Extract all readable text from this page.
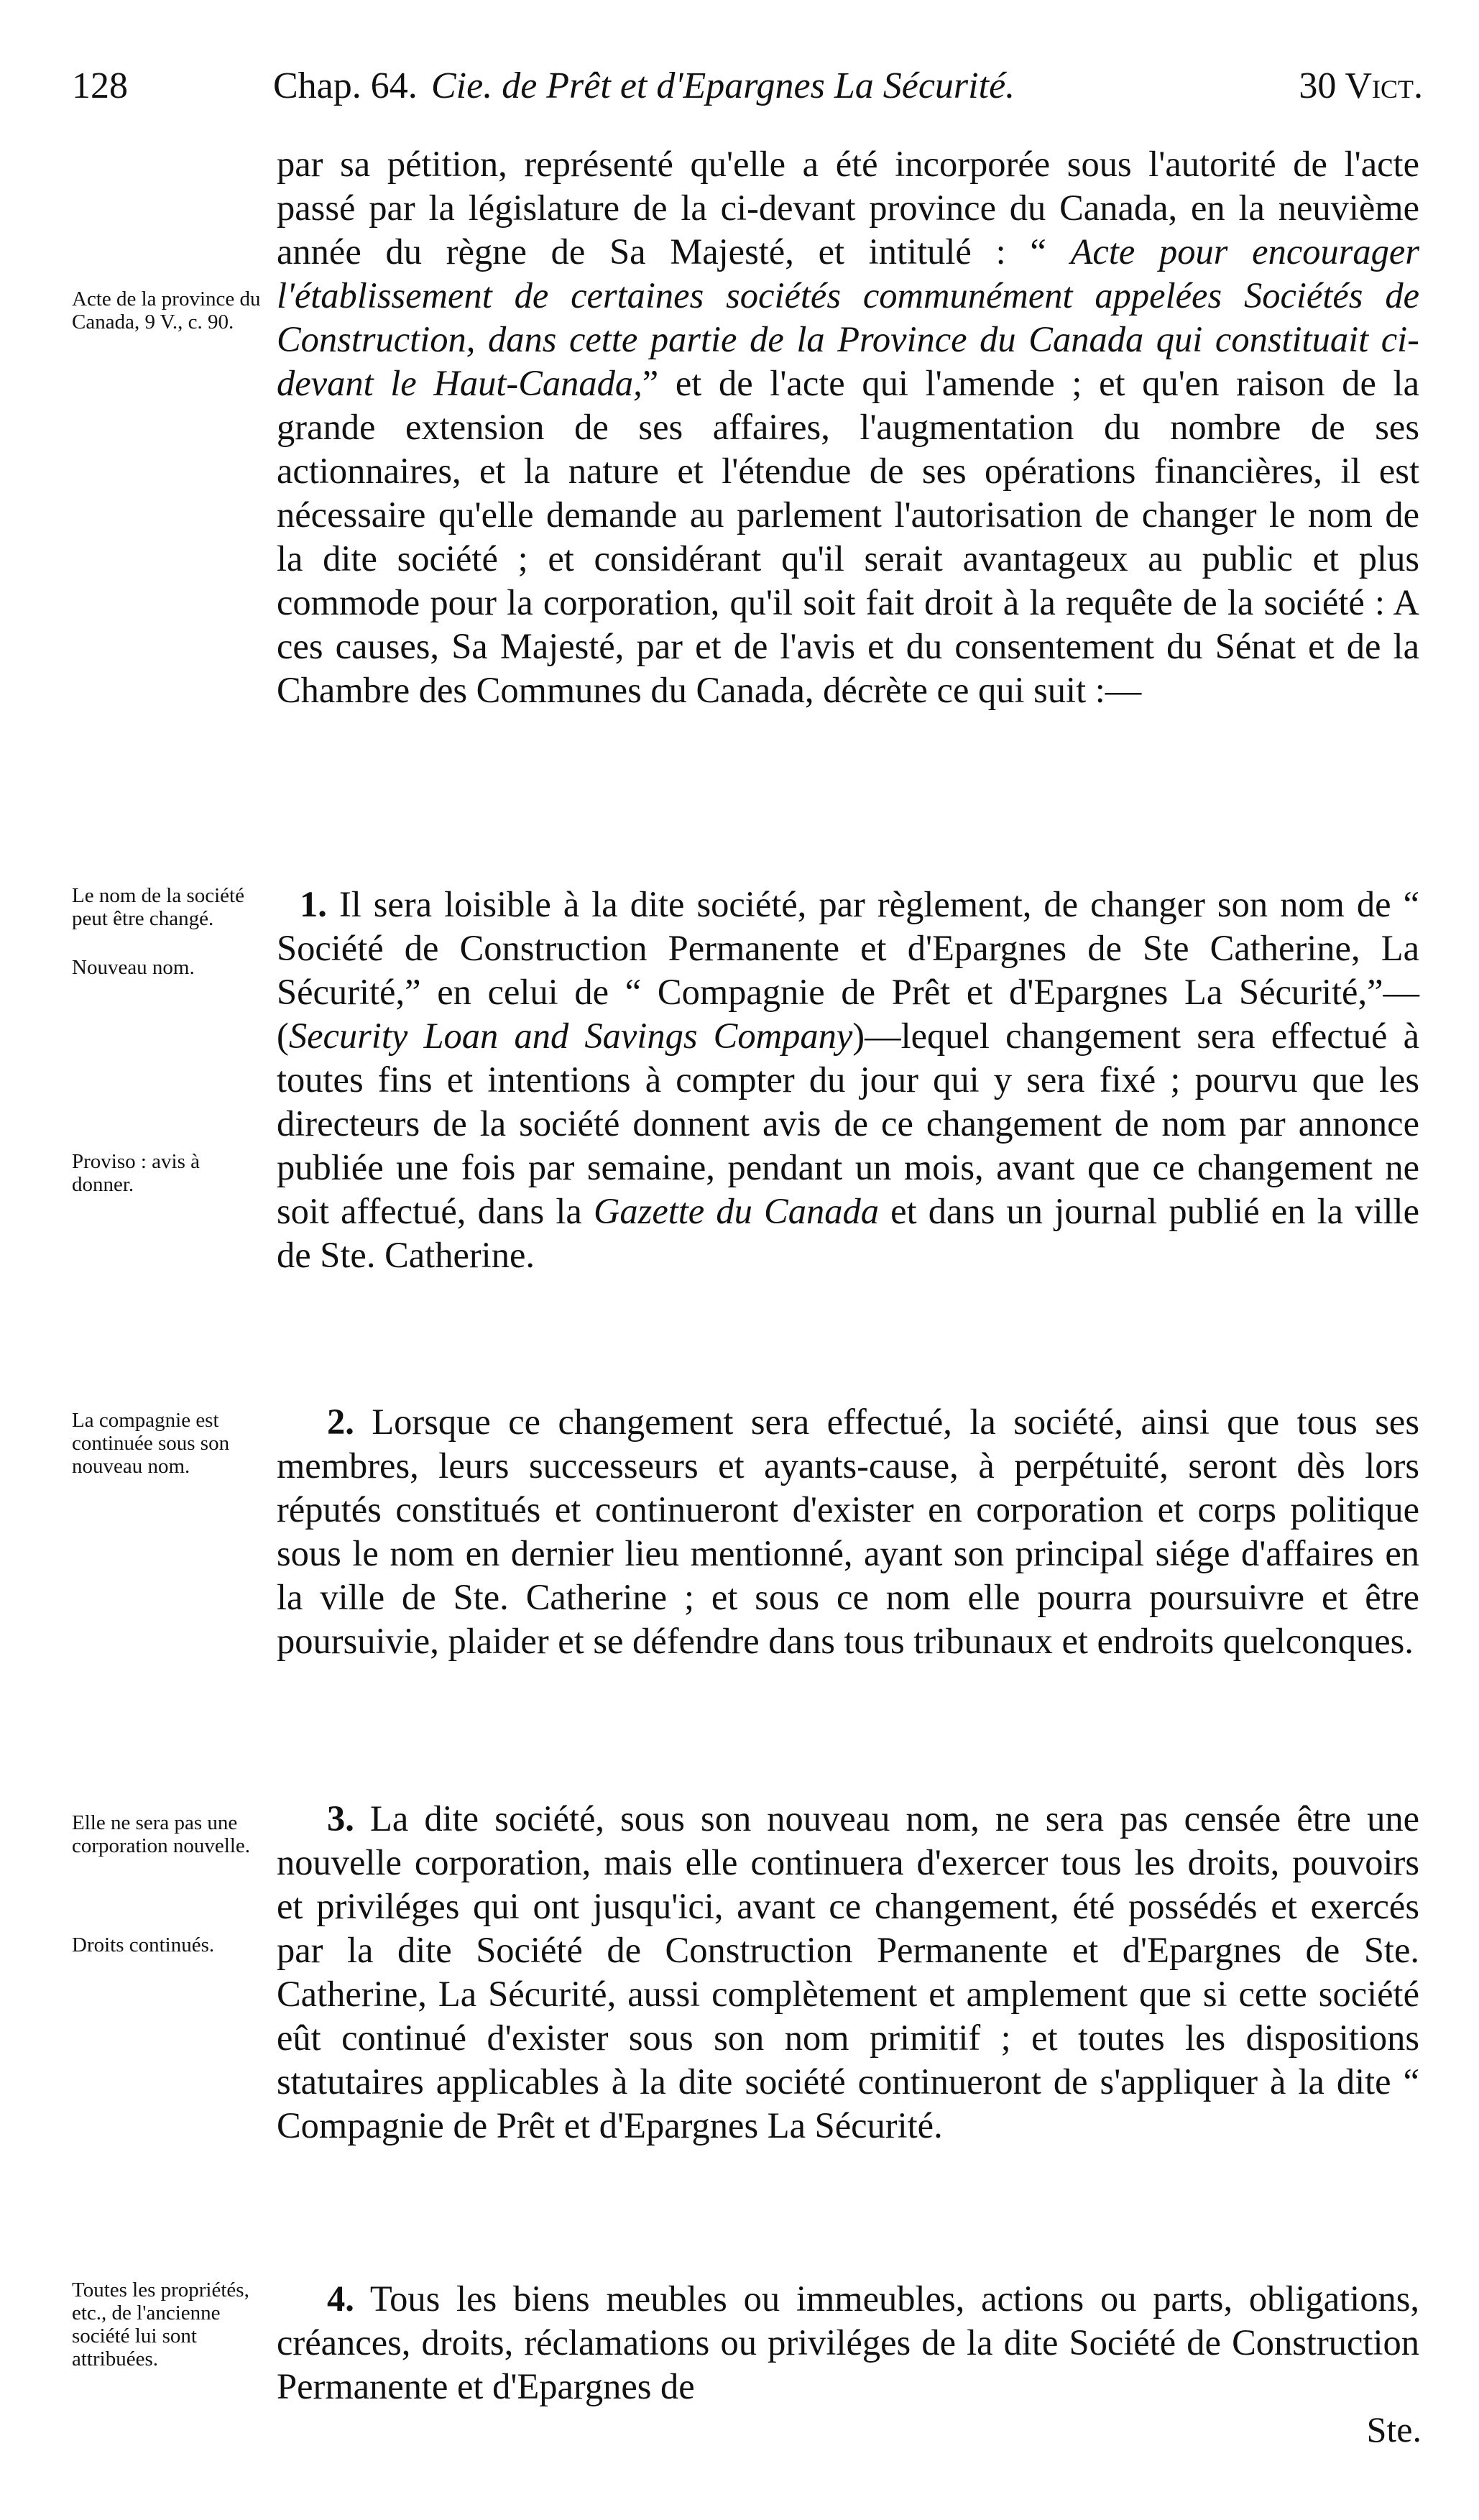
128	Chap. 64. Cie. de Prêt et d'Epargnes La Sécurité.	30 Vict.
Acte de la province du Canada, 9 V., c. 90.
Le nom de la société peut être changé.
Nouveau nom.
Proviso : avis à donner.
La compagnie est continuée sous son nouveau nom.
Elle ne sera pas une corporation nouvelle.
Droits continués.
Toutes les propriétés, etc., de l'ancienne société lui sont attribuées.

par sa pétition, représenté qu'elle a été incorporée sous l'autorité de l'acte passé par la législature de la ci-devant province du Canada, en la neuvième année du règne de Sa Majesté, et intitulé : “ Acte pour encourager l'établissement de certaines sociétés communément appelées Sociétés de Construction, dans cette partie de la Province du Canada qui constituait ci-devant le Haut-Canada,” et de l'acte qui l'amende ; et qu'en raison de la grande extension de ses affaires, l'augmentation du nombre de ses actionnaires, et la nature et l'étendue de ses opérations financières, il est nécessaire qu'elle demande au parlement l'autorisation de changer le nom de la dite société ; et considérant qu'il serait avantageux au public et plus commode pour la corporation, qu'il soit fait droit à la requête de la société : A ces causes, Sa Majesté, par et de l'avis et du consentement du Sénat et de la Chambre des Communes du Canada, décrète ce qui suit :—

1. Il sera loisible à la dite société, par règlement, de changer son nom de “ Société de Construction Permanente et d'Epargnes de Ste Catherine, La Sécurité,” en celui de “ Compagnie de Prêt et d'Epargnes La Sécurité,”—(Security Loan and Savings Company)—lequel changement sera effectué à toutes fins et intentions à compter du jour qui y sera fixé ; pourvu que les directeurs de la société donnent avis de ce changement de nom par annonce publiée une fois par semaine, pendant un mois, avant que ce changement ne soit affectué, dans la Gazette du Canada et dans un journal publié en la ville de Ste. Catherine.

2. Lorsque ce changement sera effectué, la société, ainsi que tous ses membres, leurs successeurs et ayants-cause, à perpétuité, seront dès lors réputés constitués et continueront d'exister en corporation et corps politique sous le nom en dernier lieu mentionné, ayant son principal siége d'affaires en la ville de Ste. Catherine ; et sous ce nom elle pourra poursuivre et être poursuivie, plaider et se défendre dans tous tribunaux et endroits quelconques.

3. La dite société, sous son nouveau nom, ne sera pas censée être une nouvelle corporation, mais elle continuera d'exercer tous les droits, pouvoirs et priviléges qui ont jusqu'ici, avant ce changement, été possédés et exercés par la dite Société de Construction Permanente et d'Epargnes de Ste. Catherine, La Sécurité, aussi complètement et amplement que si cette société eût continué d'exister sous son nom primitif ; et toutes les dispositions statutaires applicables à la dite société continueront de s'appliquer à la dite “ Compagnie de Prêt et d'Epargnes La Sécurité.

4. Tous les biens meubles ou immeubles, actions ou parts, obligations, créances, droits, réclamations ou priviléges de la dite Société de Construction Permanente et d'Epargnes de

Ste.
